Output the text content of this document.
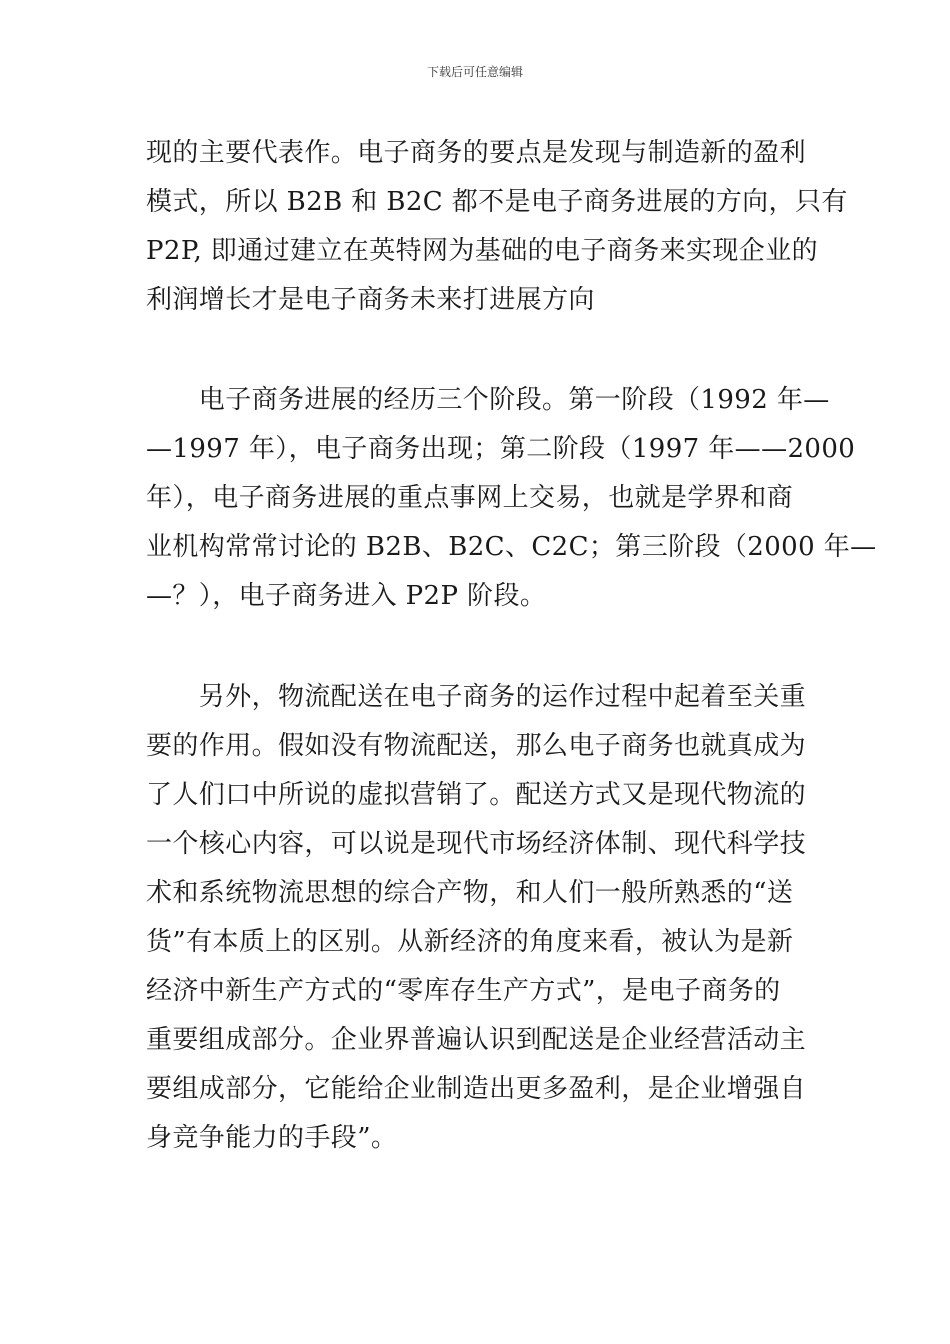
下载后可任意编辑
现的主要代表作。电子商务的要点是发现与制造新的盈利
模式，所以 B2B 和 B2C 都不是电子商务进展的方向，只有
P2P, 即通过建立在英特网为基础的电子商务来实现企业的
利润增长才是电子商务未来打进展方向
　　电子商务进展的经历三个阶段。第一阶段（1992 年—
—1997 年），电子商务出现；第二阶段（1997 年——2000
年），电子商务进展的重点事网上交易，也就是学界和商
业机构常常讨论的 B2B、B2C、C2C；第三阶段（2000 年—
—？），电子商务进入 P2P 阶段。
　　另外，物流配送在电子商务的运作过程中起着至关重
要的作用。假如没有物流配送，那么电子商务也就真成为
了人们口中所说的虚拟营销了。配送方式又是现代物流的
一个核心内容，可以说是现代市场经济体制、现代科学技
术和系统物流思想的综合产物，和人们一般所熟悉的“送
货”有本质上的区别。从新经济的角度来看，被认为是新
经济中新生产方式的“零库存生产方式”，是电子商务的
重要组成部分。企业界普遍认识到配送是企业经营活动主
要组成部分，它能给企业制造出更多盈利，是企业增强自
身竞争能力的手段”。
